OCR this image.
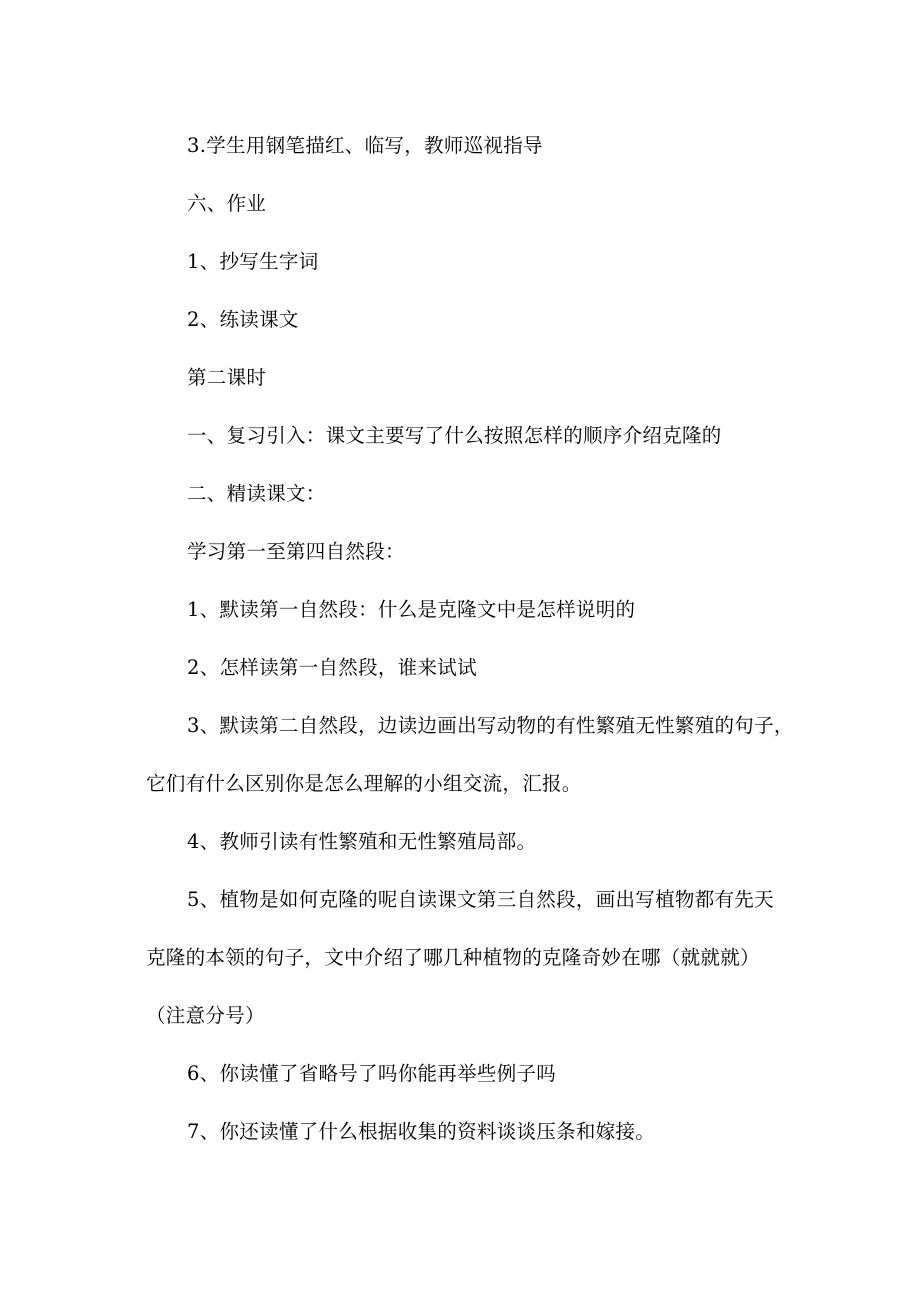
3.学生用钢笔描红、临写，教师巡视指导
六、作业
1、抄写生字词
2、练读课文
第二课时
一、复习引入：课文主要写了什么按照怎样的顺序介绍克隆的
二、精读课文：
学习第一至第四自然段：
1、默读第一自然段：什么是克隆文中是怎样说明的
2、怎样读第一自然段，谁来试试
3、默读第二自然段，边读边画出写动物的有性繁殖无性繁殖的句子，
它们有什么区别你是怎么理解的小组交流，汇报。
4、教师引读有性繁殖和无性繁殖局部。
5、植物是如何克隆的呢自读课文第三自然段，画出写植物都有先天
克隆的本领的句子，文中介绍了哪几种植物的克隆奇妙在哪（就就就）
（注意分号）
6、你读懂了省略号了吗你能再举些例子吗
7、你还读懂了什么根据收集的资料谈谈压条和嫁接。
